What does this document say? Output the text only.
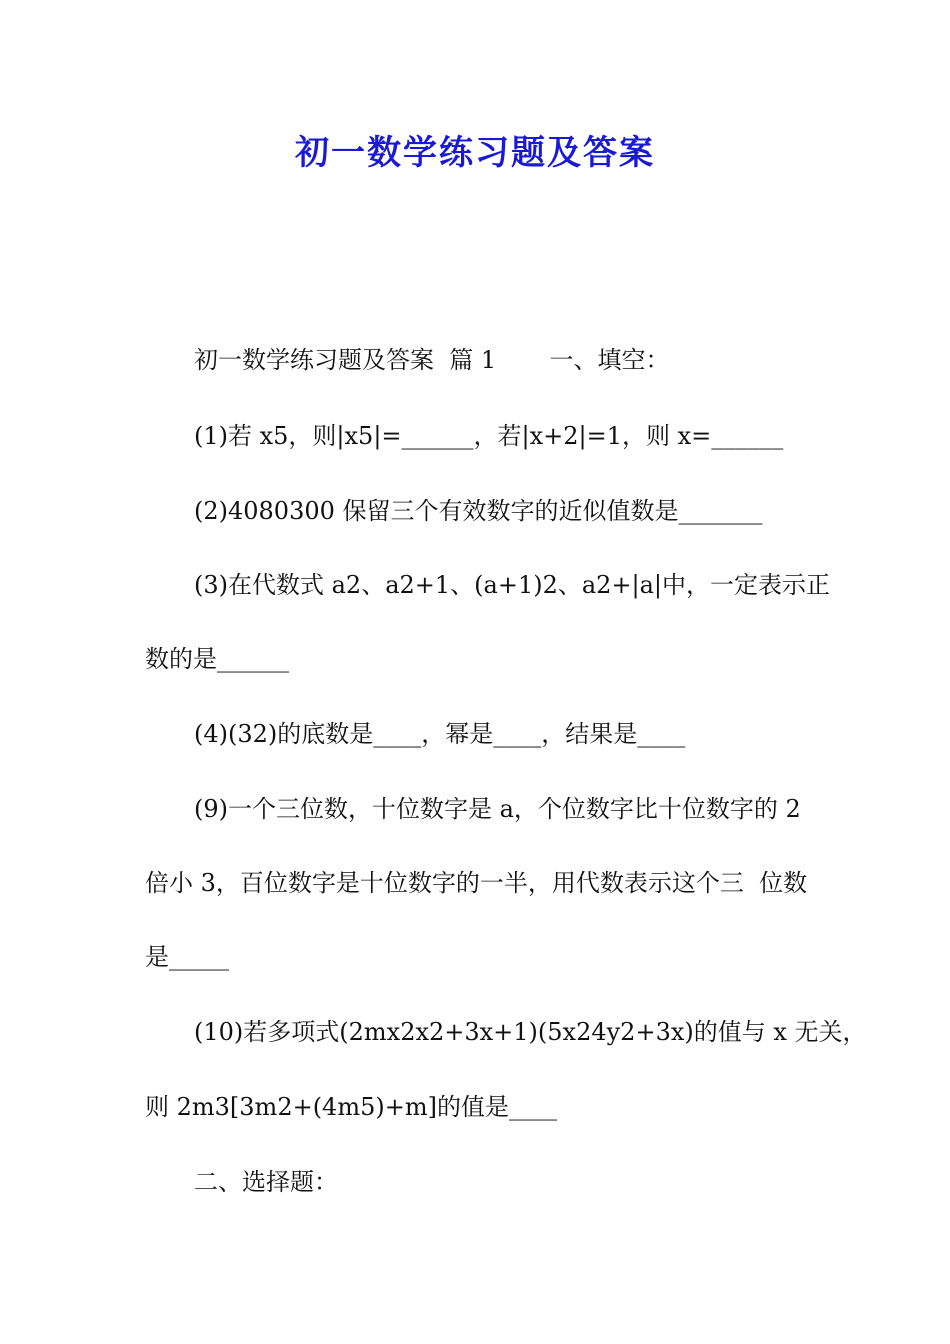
初一数学练习题及答案
初一数学练习题及答案  篇 1       一、填空：
(1)若 x5，则|x5|=______，若|x+2|=1，则 x=______
(2)4080300 保留三个有效数字的近似值数是_______
(3)在代数式 a2、a2+1、(a+1)2、a2+|a|中，一定表示正
数的是______
(4)(32)的底数是____，幂是____，结果是____
(9)一个三位数，十位数字是 a，个位数字比十位数字的 2
倍小 3，百位数字是十位数字的一半，用代数表示这个三  位数
是_____
(10)若多项式(2mx2x2+3x+1)(5x24y2+3x)的值与 x 无关，
则 2m3[3m2+(4m5)+m]的值是____
二、选择题：
